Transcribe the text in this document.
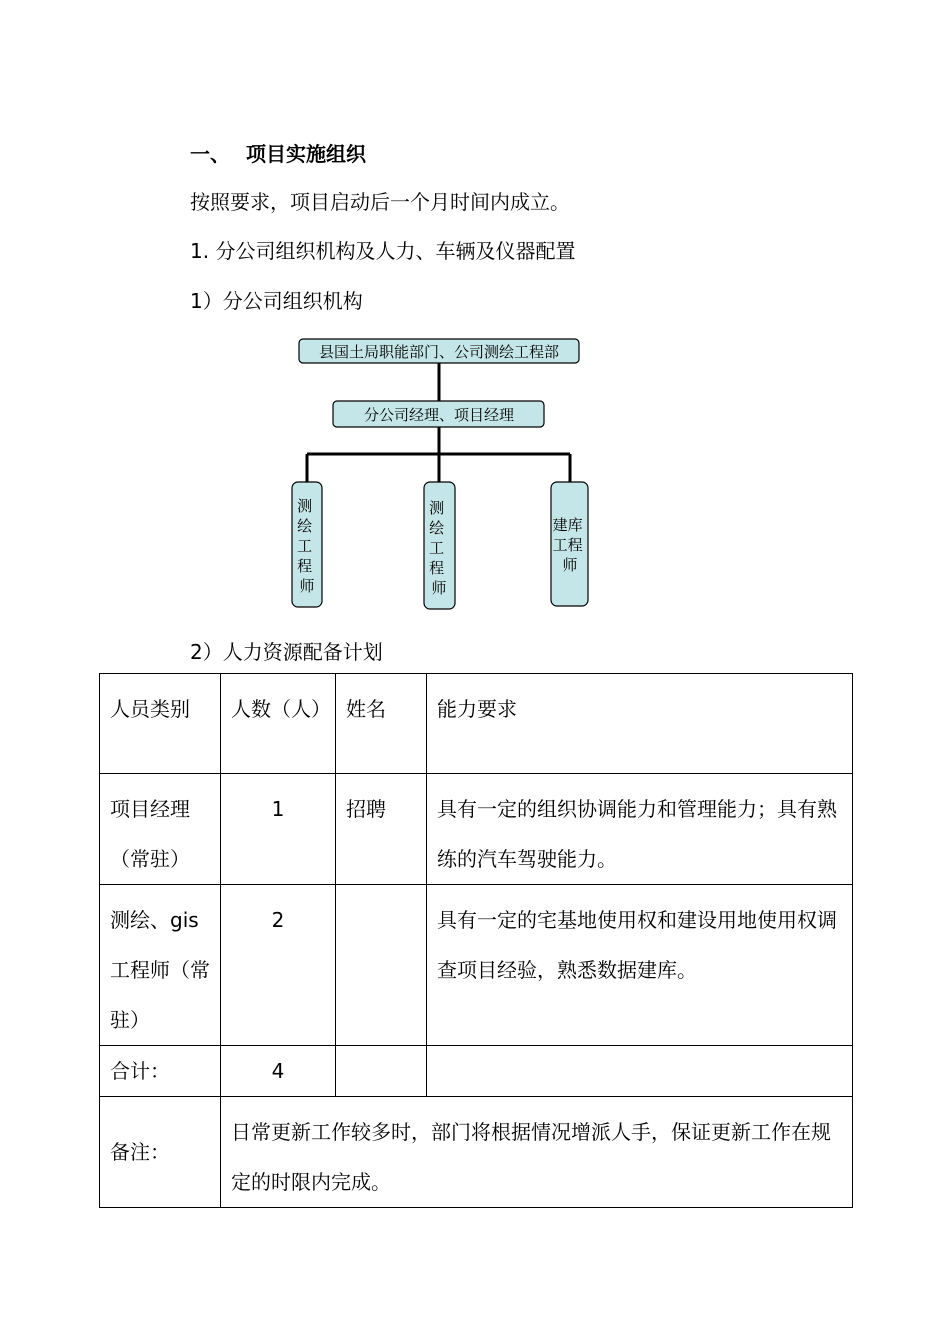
一、 项目实施组织
按照要求，项目启动后一个月时间内成立。
1. 分公司组织机构及人力、车辆及仪器配置
1）分公司组织机构
县国土局职能部门、公司测绘工程部
分公司经理、项目经理
测 绘 工 程 师
测 绘 工 程 师
建库 工程 师
2）人力资源配备计划
人员类别	人数（人）	姓名	能力要求
项目经理（常驻）	1	招聘	具有一定的组织协调能力和管理能力；具有熟练的汽车驾驶能力。
测绘、gis工程师（常驻）	2		具有一定的宅基地使用权和建设用地使用权调查项目经验，熟悉数据建库。
合计：	4		
备注：	日常更新工作较多时，部门将根据情况增派人手，保证更新工作在规定的时限内完成。		
